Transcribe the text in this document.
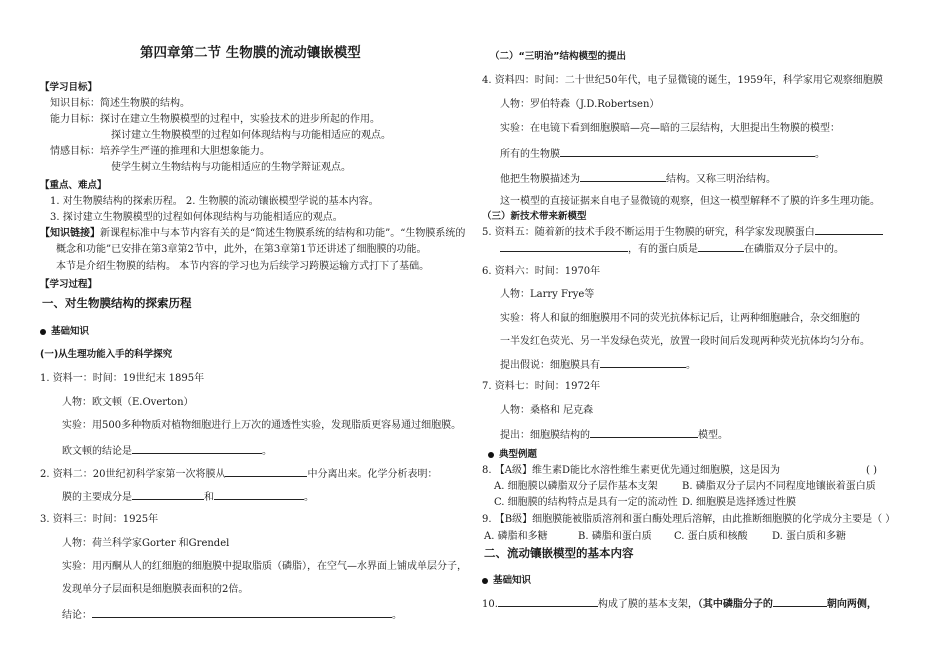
第四章第二节 生物膜的流动镶嵌模型
【学习目标】
知识目标：简述生物膜的结构。
能力目标：探讨在建立生物膜模型的过程中，实验技术的进步所起的作用。
探讨建立生物膜模型的过程如何体现结构与功能相适应的观点。
情感目标：培养学生严谨的推理和大胆想象能力。
使学生树立生物结构与功能相适应的生物学辩证观点。
【重点、难点】
1. 对生物膜结构的探索历程。 2. 生物膜的流动镶嵌模型学说的基本内容。
3. 探讨建立生物膜模型的过程如何体现结构与功能相适应的观点。
【知识链接】新课程标准中与本节内容有关的是“简述生物膜系统的结构和功能”。“生物膜系统的
概念和功能”已安排在第3章第2节中，此外，在第3章第1节还讲述了细胞膜的功能。
本节是介绍生物膜的结构。 本节内容的学习也为后续学习跨膜运输方式打下了基础。
【学习过程】
一、对生物膜结构的探索历程
基础知识
(一)从生理功能入手的科学探究
1. 资料一：时间：19世纪末 1895年
人物：欧文顿（E.Overton）
实验：用500多种物质对植物细胞进行上万次的通透性实验，发现脂质更容易通过细胞膜。
欧文顿的结论是	。
2. 资料二：20世纪初科学家第一次将膜从	中分离出来。化学分析表明：
膜的主要成分是	和	。
3. 资料三：时间：1925年
人物：荷兰科学家Gorter 和Grendel
实验：用丙酮从人的红细胞的细胞膜中提取脂质（磷脂），在空气—水界面上铺成单层分子，
发现单分子层面积是细胞膜表面积的2倍。
结论：	。
（二）“三明治”结构模型的提出
4. 资料四：时间：二十世纪50年代，电子显微镜的诞生，1959年，科学家用它观察细胞膜
人物：罗伯特森（J.D.Robertsen）
实验：在电镜下看到细胞膜暗—亮—暗的三层结构，大胆提出生物膜的模型：
所有的生物膜	。
他把生物膜描述为	结构。又称三明治结构。
这一模型的直接证据来自电子显微镜的观察，但这一模型解释不了膜的许多生理功能。
（三）新技术带来新模型
5. 资料五：随着新的技术手段不断运用于生物膜的研究，科学家发现膜蛋白
，有的蛋白质是	在磷脂双分子层中的。
6. 资料六：时间：1970年
人物：Larry Frye等
实验：将人和鼠的细胞膜用不同的荧光抗体标记后，让两种细胞融合，杂交细胞的
一半发红色荧光、另一半发绿色荧光，放置一段时间后发现两种荧光抗体均匀分布。
提出假说：细胞膜具有	。
7. 资料七：时间：1972年
人物：桑格和 尼克森
提出：细胞膜结构的	模型。
典型例题
8. 【A级】维生素D能比水溶性维生素更优先通过细胞膜，这是因为	( )
A. 细胞膜以磷脂双分子层作基本支架 B. 磷脂双分子层内不同程度地镶嵌着蛋白质
C. 细胞膜的结构特点是具有一定的流动性 D. 细胞膜是选择透过性膜
9. 【B级】细胞膜能被脂质溶剂和蛋白酶处理后溶解，由此推断细胞膜的化学成分主要是（ ）
A. 磷脂和多糖	B. 磷脂和蛋白质 C. 蛋白质和核酸 D. 蛋白质和多糖
二、流动镶嵌模型的基本内容
基础知识
10.	构成了膜的基本支架，（其中磷脂分子的	朝向两侧，
